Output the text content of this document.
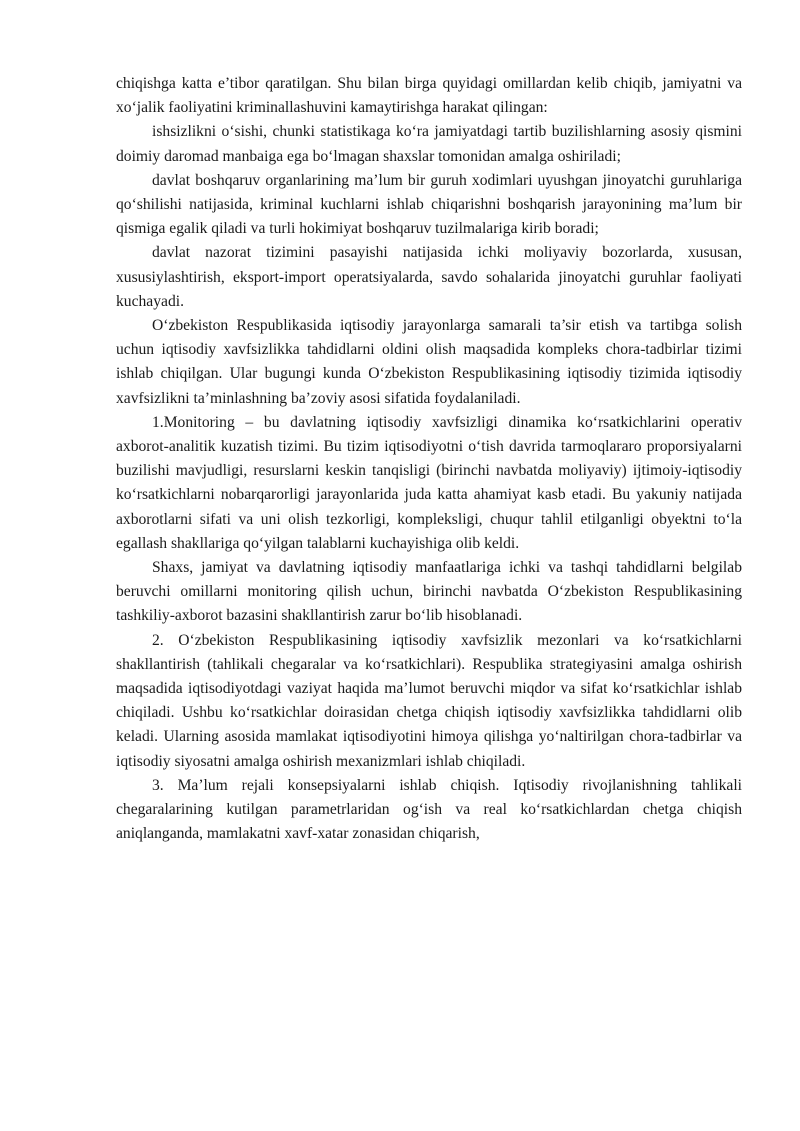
chiqishga katta e’tibor qaratilgan. Shu bilan birga quyidagi omillardan kelib chiqib, jamiyatni va xo‘jalik faoliyatini kriminallashuvini kamaytirishga harakat qilingan:

ishsizlikni o‘sishi, chunki statistikaga ko‘ra jamiyatdagi tartib buzilishlarning asosiy qismini doimiy daromad manbaiga ega bo‘lmagan shaxslar tomonidan amalga oshiriladi;

davlat boshqaruv organlarining ma’lum bir guruh xodimlari uyushgan jinoyatchi guruhlariga qo‘shilishi natijasida, kriminal kuchlarni ishlab chiqarishni boshqarish jarayonining ma’lum bir qismiga egalik qiladi va turli hokimiyat boshqaruv tuzilmalariga kirib boradi;

davlat nazorat tizimini pasayishi natijasida ichki moliyaviy bozorlarda, xususan, xususiylashtirish, eksport-import operatsiyalarda, savdo sohalarida jinoyatchi guruhlar faoliyati kuchayadi.

O‘zbekiston Respublikasida iqtisodiy jarayonlarga samarali ta’sir etish va tartibga solish uchun iqtisodiy xavfsizlikka tahdidlarni oldini olish maqsadida kompleks chora-tadbirlar tizimi ishlab chiqilgan. Ular bugungi kunda O‘zbekiston Respublikasining iqtisodiy tizimida iqtisodiy xavfsizlikni ta’minlashning ba’zoviy asosi sifatida foydalaniladi.

1.Monitoring – bu davlatning iqtisodiy xavfsizligi dinamika ko‘rsatkichlarini operativ axborot-analitik kuzatish tizimi. Bu tizim iqtisodiyotni o‘tish davrida tarmoqlararo proporsiyalarni buzilishi mavjudligi, resurslarni keskin tanqisligi (birinchi navbatda moliyaviy) ijtimoiy-iqtisodiy ko‘rsatkichlarni nobarqarorligi jarayonlarida juda katta ahamiyat kasb etadi. Bu yakuniy natijada axborotlarni sifati va uni olish tezkorligi, kompleksligi, chuqur tahlil etilganligi obyektni to‘la egallash shakllariga qo‘yilgan talablarni kuchayishiga olib keldi.

Shaxs, jamiyat va davlatning iqtisodiy manfaatlariga ichki va tashqi tahdidlarni belgilab beruvchi omillarni monitoring qilish uchun, birinchi navbatda O‘zbekiston Respublikasining tashkiliy-axborot bazasini shakllantirish zarur bo‘lib hisoblanadi.

2. O‘zbekiston Respublikasining iqtisodiy xavfsizlik mezonlari va ko‘rsatkichlarni shakllantirish (tahlikali chegaralar va ko‘rsatkichlari). Respublika strategiyasini amalga oshirish maqsadida iqtisodiyotdagi vaziyat haqida ma’lumot beruvchi miqdor va sifat ko‘rsatkichlar ishlab chiqiladi. Ushbu ko‘rsatkichlar doirasidan chetga chiqish iqtisodiy xavfsizlikka tahdidlarni olib keladi. Ularning asosida mamlakat iqtisodiyotini himoya qilishga yo‘naltirilgan chora-tadbirlar va iqtisodiy siyosatni amalga oshirish mexanizmlari ishlab chiqiladi.

3. Ma’lum rejali konsepsiyalarni ishlab chiqish. Iqtisodiy rivojlanishning tahlikali chegaralarining kutilgan parametrlaridan og‘ish va real ko‘rsatkichlardan chetga chiqish aniqlanganda, mamlakatni xavf-xatar zonasidan chiqarish,
